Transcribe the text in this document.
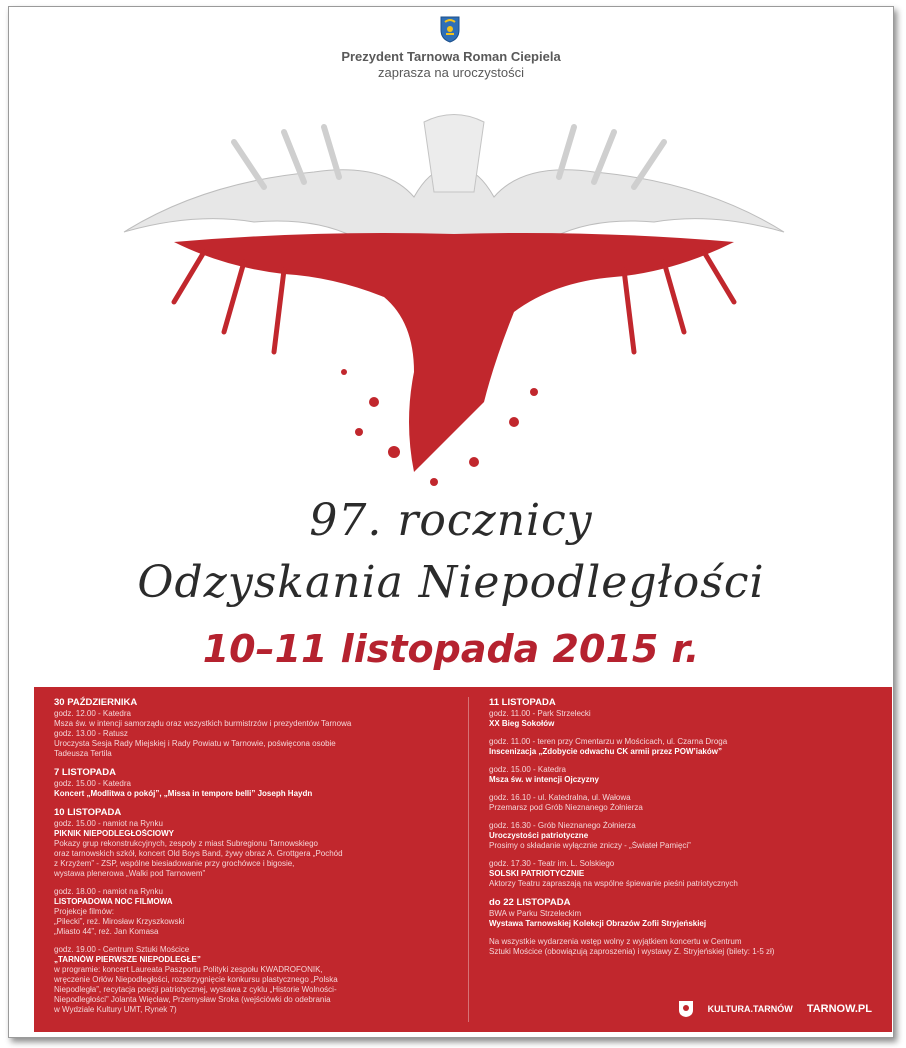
Prezydent Tarnowa Roman Ciepiela
zaprasza na uroczystości
97. rocznicy
Odzyskania Niepodległości
10–11 listopada 2015 r.
30 PAŹDZIERNIKA
godz. 12.00 - Katedra
Msza św. w intencji samorządu oraz wszystkich burmistrzów i prezydentów Tarnowa
godz. 13.00 - Ratusz
Uroczysta Sesja Rady Miejskiej i Rady Powiatu w Tarnowie, poświęcona osobie
Tadeusza Tertila
7 LISTOPADA
godz. 15.00 - Katedra
Koncert „Modlitwa o pokój”, „Missa in tempore belli” Joseph Haydn
10 LISTOPADA
godz. 15.00 - namiot na Rynku
PIKNIK NIEPODLEGŁOŚCIOWY
Pokazy grup rekonstrukcyjnych, zespoły z miast Subregionu Tarnowskiego
oraz tarnowskich szkół, koncert Old Boys Band, żywy obraz A. Grottgera „Pochód
z Krzyżem” - ZSP, wspólne biesiadowanie przy grochówce i bigosie,
wystawa plenerowa „Walki pod Tarnowem”
godz. 18.00 - namiot na Rynku
LISTOPADOWA NOC FILMOWA
Projekcje filmów:
„Pilecki”, reż. Mirosław Krzyszkowski
„Miasto 44”, reż. Jan Komasa
godz. 19.00 - Centrum Sztuki Mościce
„TARNÓW PIERWSZE NIEPODLEGŁE”
w programie: koncert Laureata Paszportu Polityki zespołu KWADROFONIK,
wręczenie Orłów Niepodległości, rozstrzygnięcie konkursu plastycznego „Polska
Niepodległa”, recytacja poezji patriotycznej, wystawa z cyklu „Historie Wolności-
Niepodległości” Jolanta Więcław, Przemysław Sroka (wejściówki do odebrania
w Wydziale Kultury UMT, Rynek 7)
11 LISTOPADA
godz. 11.00 - Park Strzelecki
XX Bieg Sokołów
godz. 11.00 - teren przy Cmentarzu w Mościcach, ul. Czarna Droga
Inscenizacja „Zdobycie odwachu CK armii przez POW’iaków”
godz. 15.00 - Katedra
Msza św. w intencji Ojczyzny
godz. 16.10 - ul. Katedralna, ul. Wałowa
Przemarsz pod Grób Nieznanego Żołnierza
godz. 16.30 - Grób Nieznanego Żołnierza
Uroczystości patriotyczne
Prosimy o składanie wyłącznie zniczy - „Świateł Pamięci”
godz. 17.30 - Teatr im. L. Solskiego
SOLSKI PATRIOTYCZNIE
Aktorzy Teatru zapraszają na wspólne śpiewanie pieśni patriotycznych
do 22 LISTOPADA
BWA w Parku Strzeleckim
Wystawa Tarnowskiej Kolekcji Obrazów Zofii Stryjeńskiej
Na wszystkie wydarzenia wstęp wolny z wyjątkiem koncertu w Centrum
Sztuki Mościce (obowiązują zaproszenia) i wystawy Z. Stryjeńskiej (bilety: 1-5 zł)
KULTURA.TARNÓW TARNOW.PL
